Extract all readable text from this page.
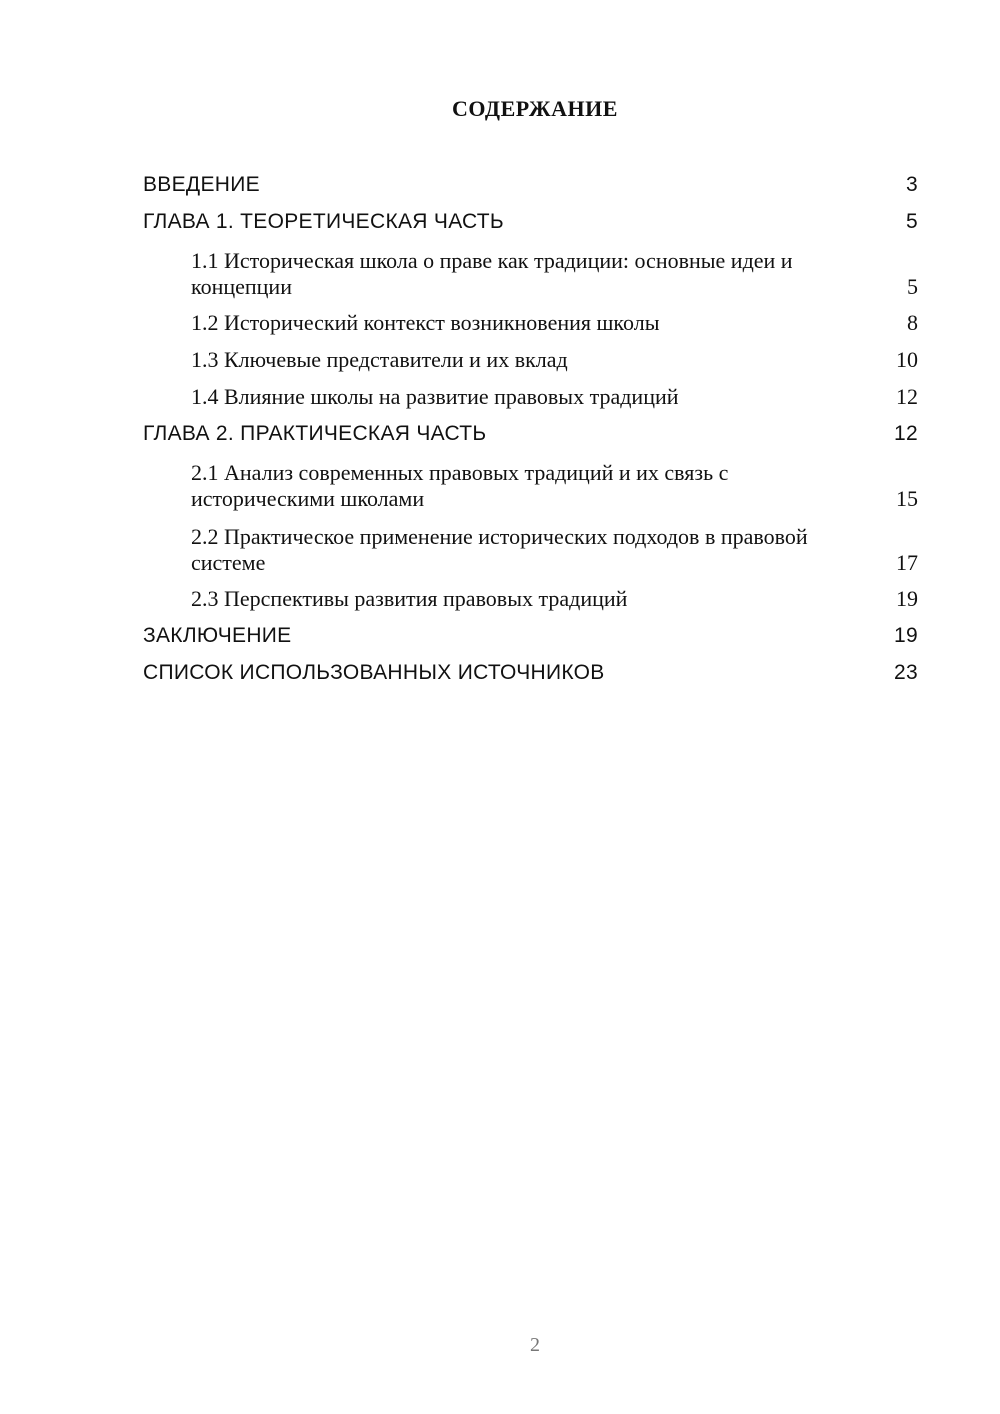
СОДЕРЖАНИЕ
ВВЕДЕНИЕ	3
ГЛАВА 1. ТЕОРЕТИЧЕСКАЯ ЧАСТЬ	5
1.1 Историческая школа о праве как традиции: основные идеи и концепции	5
1.2 Исторический контекст возникновения школы	8
1.3 Ключевые представители и их вклад	10
1.4 Влияние школы на развитие правовых традиций	12
ГЛАВА 2. ПРАКТИЧЕСКАЯ ЧАСТЬ	12
2.1 Анализ современных правовых традиций и их связь с историческими школами	15
2.2 Практическое применение исторических подходов в правовой системе	17
2.3 Перспективы развития правовых традиций	19
ЗАКЛЮЧЕНИЕ	19
СПИСОК ИСПОЛЬЗОВАННЫХ ИСТОЧНИКОВ	23
2
